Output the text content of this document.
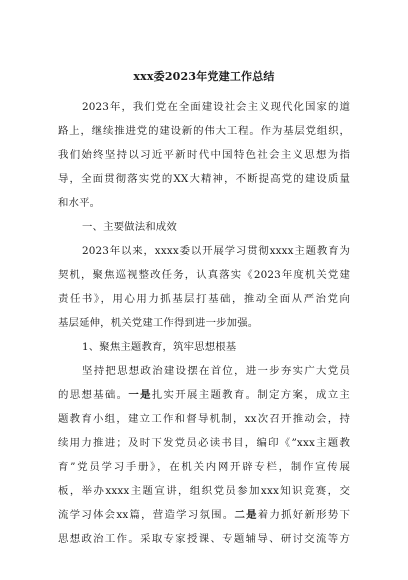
xxx委2023年党建工作总结
2023年，我们党在全面建设社会主义现代化国家的道
路上，继续推进党的建设新的伟大工程。作为基层党组织，
我们始终坚持以习近平新时代中国特色社会主义思想为指
导，全面贯彻落实党的XX大精神，不断提高党的建设质量
和水平。
一、主要做法和成效
2023年以来，xxxx委以开展学习贯彻xxxx主题教育为
契机，聚焦巡视整改任务，认真落实《2023年度机关党建
责任书》，用心用力抓基层打基础，推动全面从严治党向
基层延伸，机关党建工作得到进一步加强。
1、聚焦主题教育，筑牢思想根基
坚持把思想政治建设摆在首位，进一步夯实广大党员
的思想基础。一是扎实开展主题教育。制定方案，成立主
题教育小组，建立工作和督导机制，xx次召开推动会，持
续用力推进；及时下发党员必读书目，编印《”xxx主题教
育”党员学习手册》，在机关内网开辟专栏，制作宣传展
板，举办xxxx主题宣讲，组织党员参加xxx知识竞赛，交
流学习体会xx篇，营造学习氛围。二是着力抓好新形势下
思想政治工作。采取专家授课、专题辅导、研讨交流等方
